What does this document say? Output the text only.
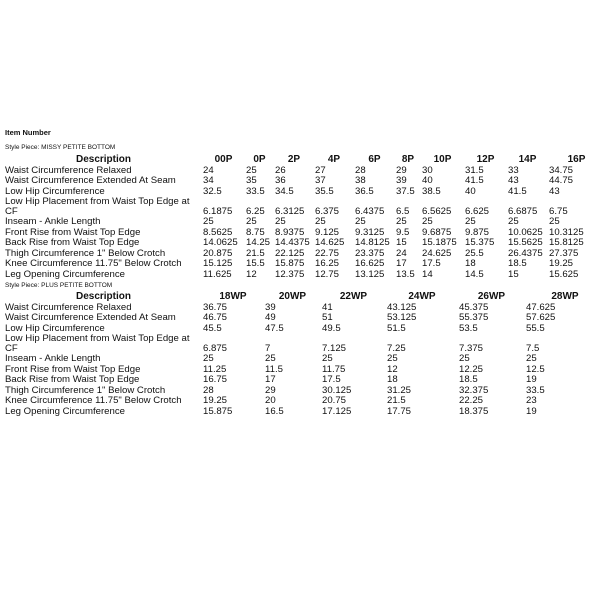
Item Number
Style Piece: MISSY PETITE BOTTOM
Description	00P	0P	2P	4P	6P	8P	10P	12P	14P	16P
Waist Circumference Relaxed	24	25	26	27	28	29	30	31.5	33	34.75
Waist Circumference Extended At Seam	34	35	36	37	38	39	40	41.5	43	44.75
Low Hip Circumference	32.5	33.5	34.5	35.5	36.5	37.5	38.5	40	41.5	43
Low Hip Placement from Waist Top Edge at CF	6.1875	6.25	6.3125	6.375	6.4375	6.5	6.5625	6.625	6.6875	6.75
Inseam - Ankle Length	25	25	25	25	25	25	25	25	25	25
Front Rise from Waist Top Edge	8.5625	8.75	8.9375	9.125	9.3125	9.5	9.6875	9.875	10.0625	10.3125
Back Rise from Waist Top Edge	14.0625	14.25	14.4375	14.625	14.8125	15	15.1875	15.375	15.5625	15.8125
Thigh Circumference 1" Below Crotch	20.875	21.5	22.125	22.75	23.375	24	24.625	25.5	26.4375	27.375
Knee Circumference 11.75" Below Crotch	15.125	15.5	15.875	16.25	16.625	17	17.5	18	18.5	19.25
Leg Opening Circumference	11.625	12	12.375	12.75	13.125	13.5	14	14.5	15	15.625
Style Piece: PLUS PETITE BOTTOM
Description	18WP	20WP	22WP	24WP	26WP	28WP
Waist Circumference Relaxed	36.75	39	41	43.125	45.375	47.625
Waist Circumference Extended At Seam	46.75	49	51	53.125	55.375	57.625
Low Hip Circumference	45.5	47.5	49.5	51.5	53.5	55.5
Low Hip Placement from Waist Top Edge at CF	6.875	7	7.125	7.25	7.375	7.5
Inseam - Ankle Length	25	25	25	25	25	25
Front Rise from Waist Top Edge	11.25	11.5	11.75	12	12.25	12.5
Back Rise from Waist Top Edge	16.75	17	17.5	18	18.5	19
Thigh Circumference 1" Below Crotch	28	29	30.125	31.25	32.375	33.5
Knee Circumference 11.75" Below Crotch	19.25	20	20.75	21.5	22.25	23
Leg Opening Circumference	15.875	16.5	17.125	17.75	18.375	19
